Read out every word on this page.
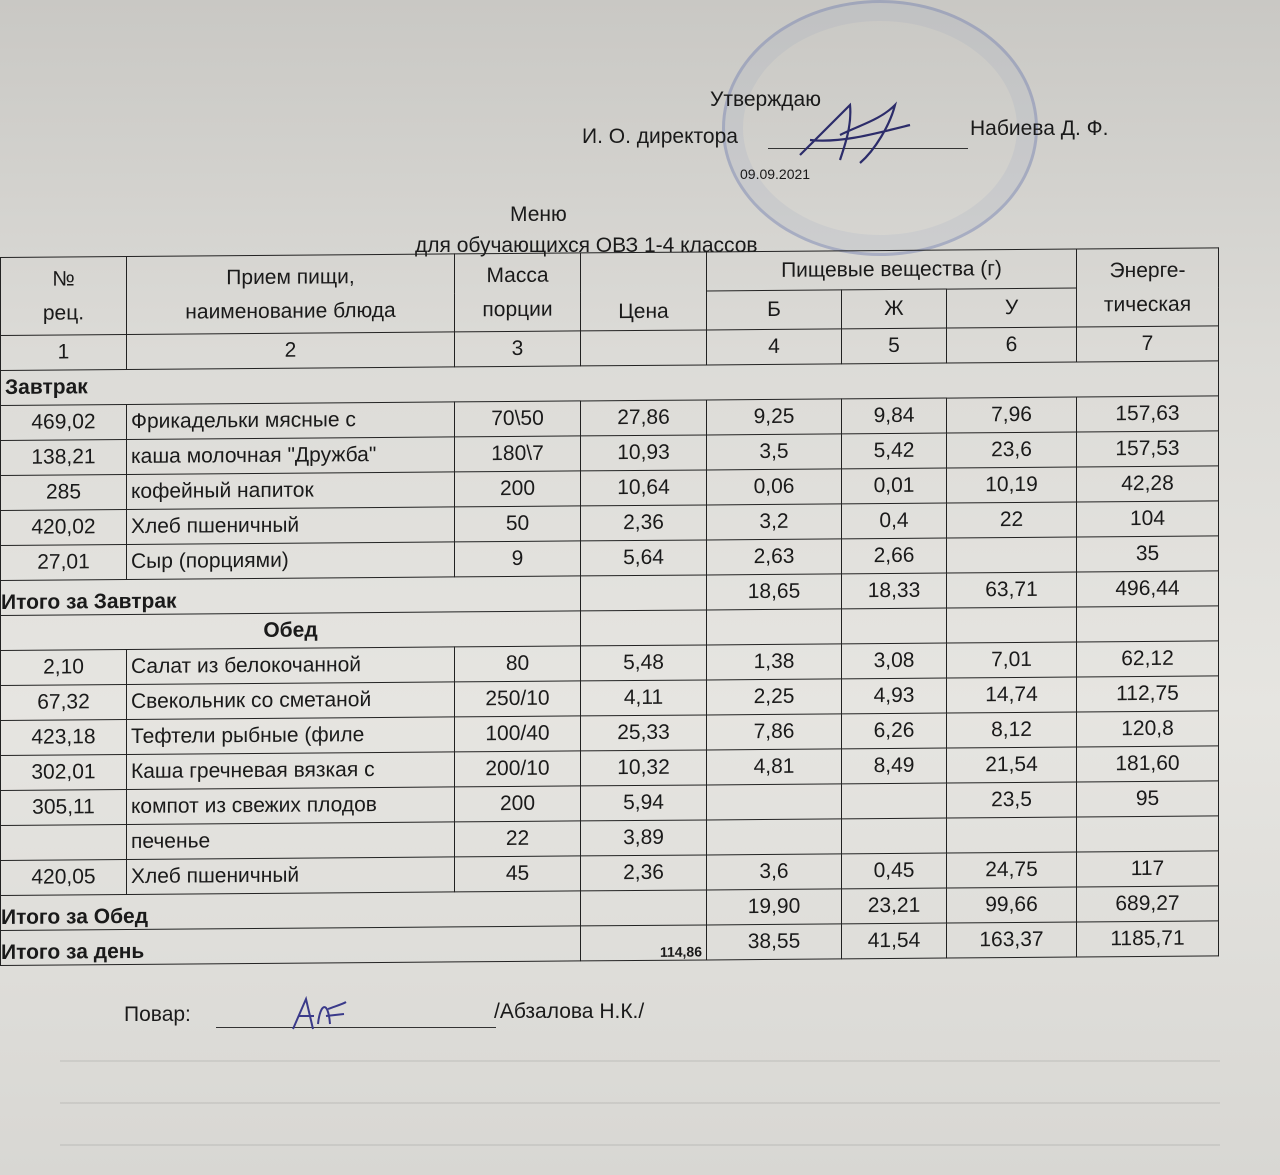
Утверждаю
И. О. директора	Набиева Д. Ф.
09.09.2021
Меню
для обучающихся ОВЗ 1-4 классов
№
рец.	Прием пищи,
наименование блюда	Масса
порции	Цена	Пищевые вещества (г)			Энерге-
тическая
				Б	Ж	У	
1	2	3		4	5	6	7
Завтрак							
469,02	Фрикадельки мясные с	70\50	27,86	9,25	9,84	7,96	157,63
138,21	каша молочная "Дружба"	180\7	10,93	3,5	5,42	23,6	157,53
285	кофейный напиток	200	10,64	0,06	0,01	10,19	42,28
420,02	Хлеб пшеничный	50	2,36	3,2	0,4	22	104
27,01	Сыр (порциями)	9	5,64	2,63	2,66		35
Итого за Завтрак				18,65	18,33	63,71	496,44
Обед							
2,10	Салат из белокочанной	80	5,48	1,38	3,08	7,01	62,12
67,32	Свекольник со сметаной	250/10	4,11	2,25	4,93	14,74	112,75
423,18	Тефтели рыбные (филе	100/40	25,33	7,86	6,26	8,12	120,8
302,01	Каша гречневая вязкая с	200/10	10,32	4,81	8,49	21,54	181,60
305,11	компот из свежих плодов	200	5,94			23,5	95
	печенье	22	3,89				
420,05	Хлеб пшеничный	45	2,36	3,6	0,45	24,75	117
Итого за Обед				19,90	23,21	99,66	689,27
Итого за день			114,86	38,55	41,54	163,37	1185,71
Повар:	/Абзалова Н.К./
